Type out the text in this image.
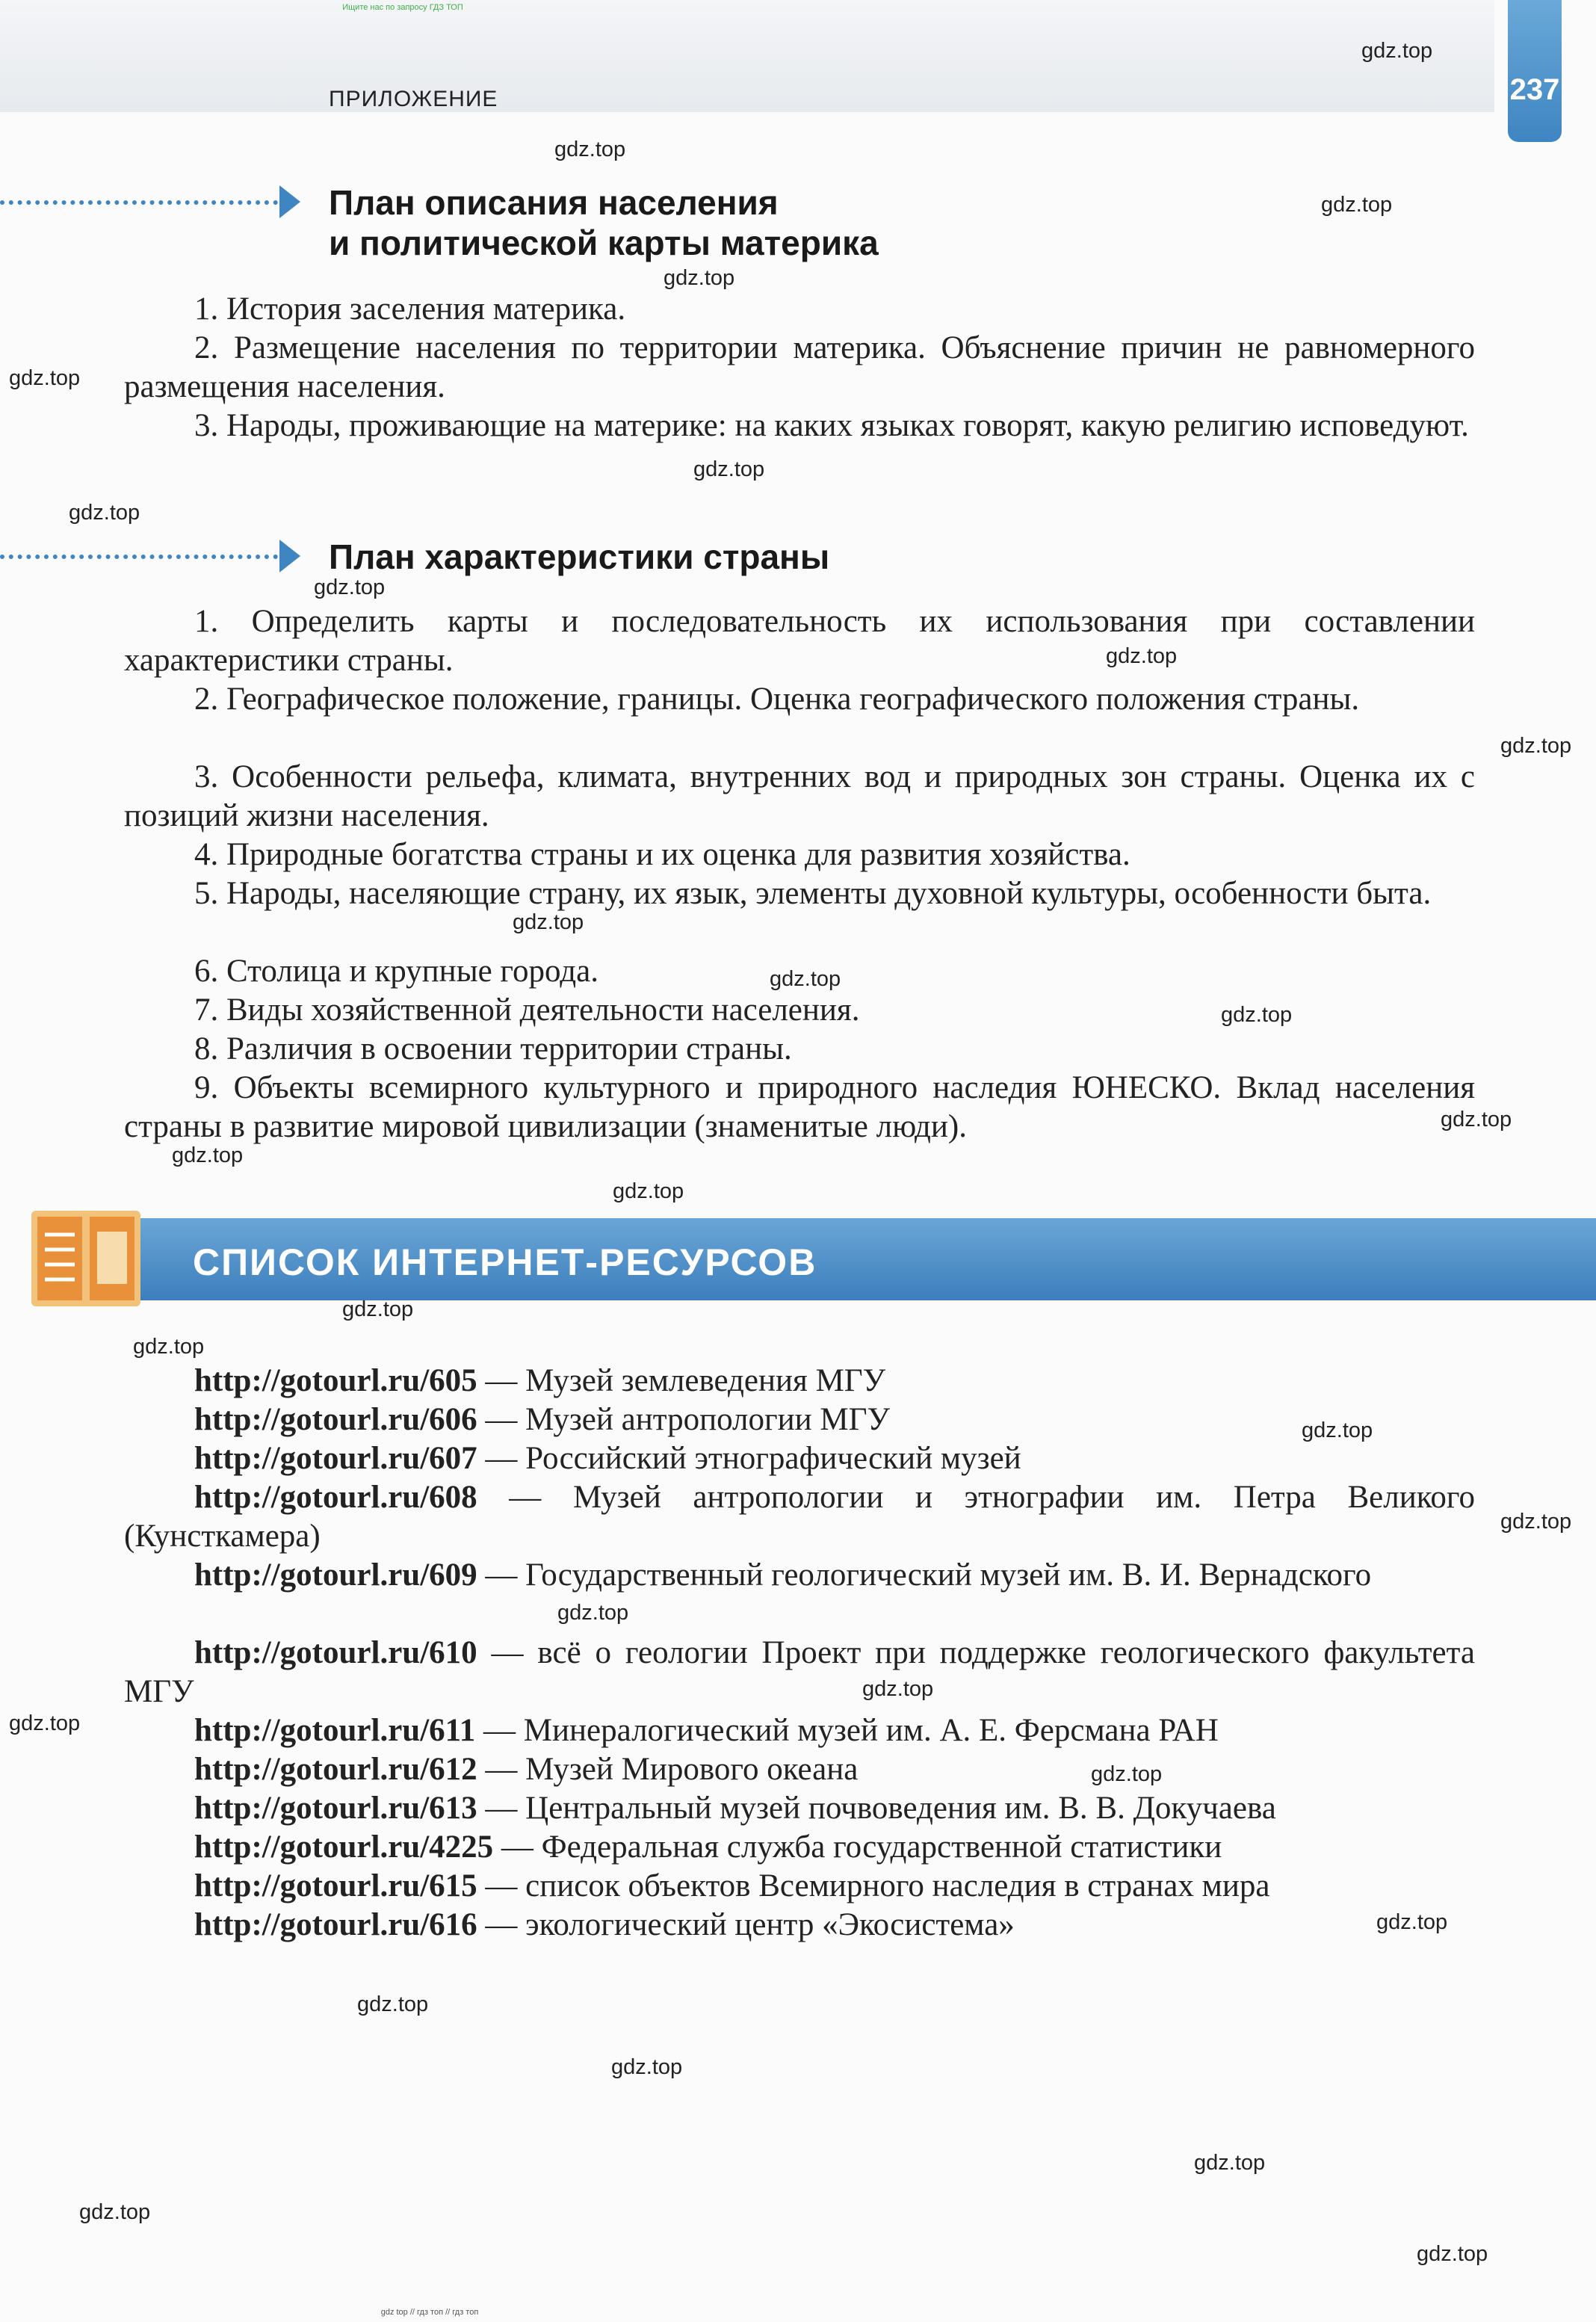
Ищите нас по запросу ГДЗ ТОП
ПРИЛОЖЕНИЕ	237
План описания населения
и политической карты материка

1. История заселения материка.

2. Размещение населения по территории материка. Объяснение причин не равномерного размещения населения.

3. Народы, проживающие на материке: на каких языках говорят, какую религию исповедуют.

План характеристики страны

1. Определить карты и последовательность их использования при составлении характеристики страны.

2. Географическое положение, границы. Оценка географического положения страны.

3. Особенности рельефа, климата, внутренних вод и природных зон страны. Оценка их с позиций жизни населения.

4. Природные богатства страны и их оценка для развития хозяйства.

5. Народы, населяющие страну, их язык, элементы духовной культуры, особенности быта.

6. Столица и крупные города.

7. Виды хозяйственной деятельности населения.

8. Различия в освоении территории страны.

9. Объекты всемирного культурного и природного наследия ЮНЕСКО. Вклад населения страны в развитие мировой цивилизации (знаменитые люди).

СПИСОК ИНТЕРНЕТ-РЕСУРСОВ

http://gotourl.ru/605 — Музей землеведения МГУ

http://gotourl.ru/606 — Музей антропологии МГУ

http://gotourl.ru/607 — Российский этнографический музей

http://gotourl.ru/608 — Музей антропологии и этнографии им. Петра Великого (Кунсткамера)

http://gotourl.ru/609 — Государственный геологический музей им. В. И. Вернадского

http://gotourl.ru/610 — всё о геологии Проект при поддержке геологического факультета МГУ

http://gotourl.ru/611 — Минералогический музей им. А. Е. Ферсмана РАН

http://gotourl.ru/612 — Музей Мирового океана

http://gotourl.ru/613 — Центральный музей почвоведения им. В. В. Докучаева

http://gotourl.ru/4225 — Федеральная служба государственной статистики

http://gotourl.ru/615 — список объектов Всемирного наследия в странах мира

http://gotourl.ru/616 — экологический центр «Экосистема»

gdz.top
gdz.top
gdz.top
gdz.top
gdz.top
gdz.top
gdz.top
gdz.top
gdz.top
gdz.top
gdz.top
gdz.top
gdz.top
gdz.top
gdz.top
gdz.top
gdz.top
gdz.top
gdz.top
gdz.top
gdz.top
gdz.top
gdz.top
gdz.top
gdz.top
gdz.top
gdz.top
gdz.top
gdz.top
gdz.top
gdz top // гдз топ // гдз топ
